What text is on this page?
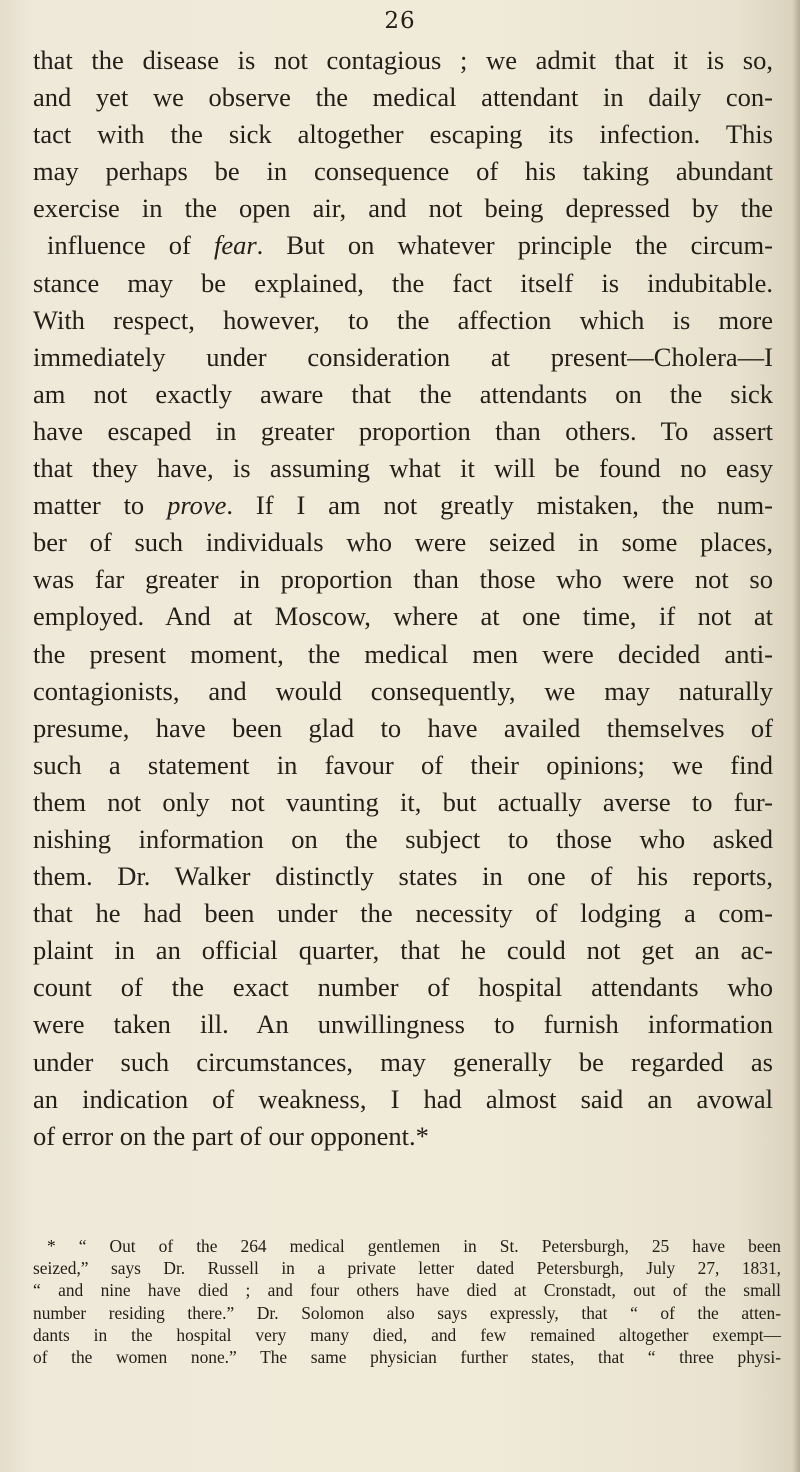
26
that the disease is not contagious ; we admit that it is so,
and yet we observe the medical attendant in daily con-
tact with the sick altogether escaping its infection. This
may perhaps be in consequence of his taking abundant
exercise in the open air, and not being depressed by the
influence of fear. But on whatever principle the circum-
stance may be explained, the fact itself is indubitable.
With respect, however, to the affection which is more
immediately under consideration at present—Cholera—I
am not exactly aware that the attendants on the sick
have escaped in greater proportion than others. To assert
that they have, is assuming what it will be found no easy
matter to prove. If I am not greatly mistaken, the num-
ber of such individuals who were seized in some places,
was far greater in proportion than those who were not so
employed. And at Moscow, where at one time, if not at
the present moment, the medical men were decided anti-
contagionists, and would consequently, we may naturally
presume, have been glad to have availed themselves of
such a statement in favour of their opinions; we find
them not only not vaunting it, but actually averse to fur-
nishing information on the subject to those who asked
them. Dr. Walker distinctly states in one of his reports,
that he had been under the necessity of lodging a com-
plaint in an official quarter, that he could not get an ac-
count of the exact number of hospital attendants who
were taken ill. An unwillingness to furnish information
under such circumstances, may generally be regarded as
an indication of weakness, I had almost said an avowal
of error on the part of our opponent.*
* “ Out of the 264 medical gentlemen in St. Petersburgh, 25 have been
seized,” says Dr. Russell in a private letter dated Petersburgh, July 27, 1831,
“ and nine have died ; and four others have died at Cronstadt, out of the small
number residing there.” Dr. Solomon also says expressly, that “ of the atten-
dants in the hospital very many died, and few remained altogether exempt—
of the women none.” The same physician further states, that “ three physi-
